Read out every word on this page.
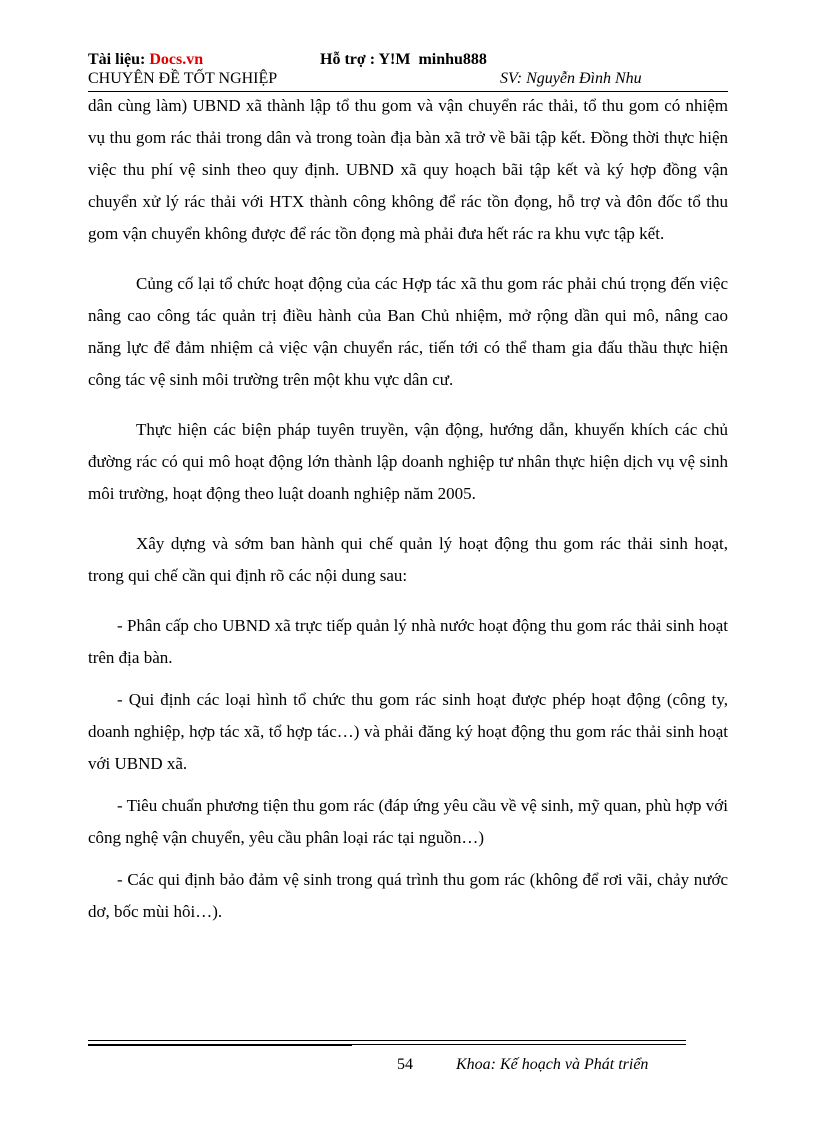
Tài liệu: Docs.vn	Hỗ trợ : Y!M minhu888
CHUYÊN ĐỀ TỐT NGHIỆP	SV: Nguyễn Đình Nhu

dân cùng làm) UBND xã thành lập tổ thu gom và vận chuyển rác thải, tổ thu gom có nhiệm vụ thu gom rác thải trong dân và trong toàn địa bàn xã trở về bãi tập kết. Đồng thời thực hiện việc thu phí vệ sinh theo quy định. UBND xã quy hoạch bãi tập kết và ký hợp đồng vận chuyển xử lý rác thải với HTX thành công không để rác tồn đọng, hỗ trợ và đôn đốc tổ thu gom vận chuyển không được để rác tồn đọng mà phải đưa hết rác ra khu vực tập kết.

Củng cố lại tổ chức hoạt động của các Hợp tác xã thu gom rác phải chú trọng đến việc nâng cao công tác quản trị điều hành của Ban Chủ nhiệm, mở rộng dần qui mô, nâng cao năng lực để đảm nhiệm cả việc vận chuyển rác, tiến tới có thể tham gia đấu thầu thực hiện công tác vệ sinh môi trường trên một khu vực dân cư.

Thực hiện các biện pháp tuyên truyền, vận động, hướng dẫn, khuyến khích các chủ đường rác có qui mô hoạt động lớn thành lập doanh nghiệp tư nhân thực hiện dịch vụ vệ sinh môi trường, hoạt động theo luật doanh nghiệp năm 2005.

Xây dựng và sớm ban hành qui chế quản lý hoạt động thu gom rác thải sinh hoạt, trong qui chế cần qui định rõ các nội dung sau:

- Phân cấp cho UBND xã trực tiếp quản lý nhà nước hoạt động thu gom rác thải sinh hoạt trên địa bàn.

- Qui định các loại hình tổ chức thu gom rác sinh hoạt được phép hoạt động (công ty, doanh nghiệp, hợp tác xã, tổ hợp tác…) và phải đăng ký hoạt động thu gom rác thải sinh hoạt với UBND xã.

- Tiêu chuẩn phương tiện thu gom rác (đáp ứng yêu cầu về vệ sinh, mỹ quan, phù hợp với công nghệ vận chuyển, yêu cầu phân loại rác tại nguồn…)

- Các qui định bảo đảm vệ sinh trong quá trình thu gom rác (không để rơi vãi, chảy nước dơ, bốc mùi hôi…).

54	Khoa: Kế hoạch và Phát triển
